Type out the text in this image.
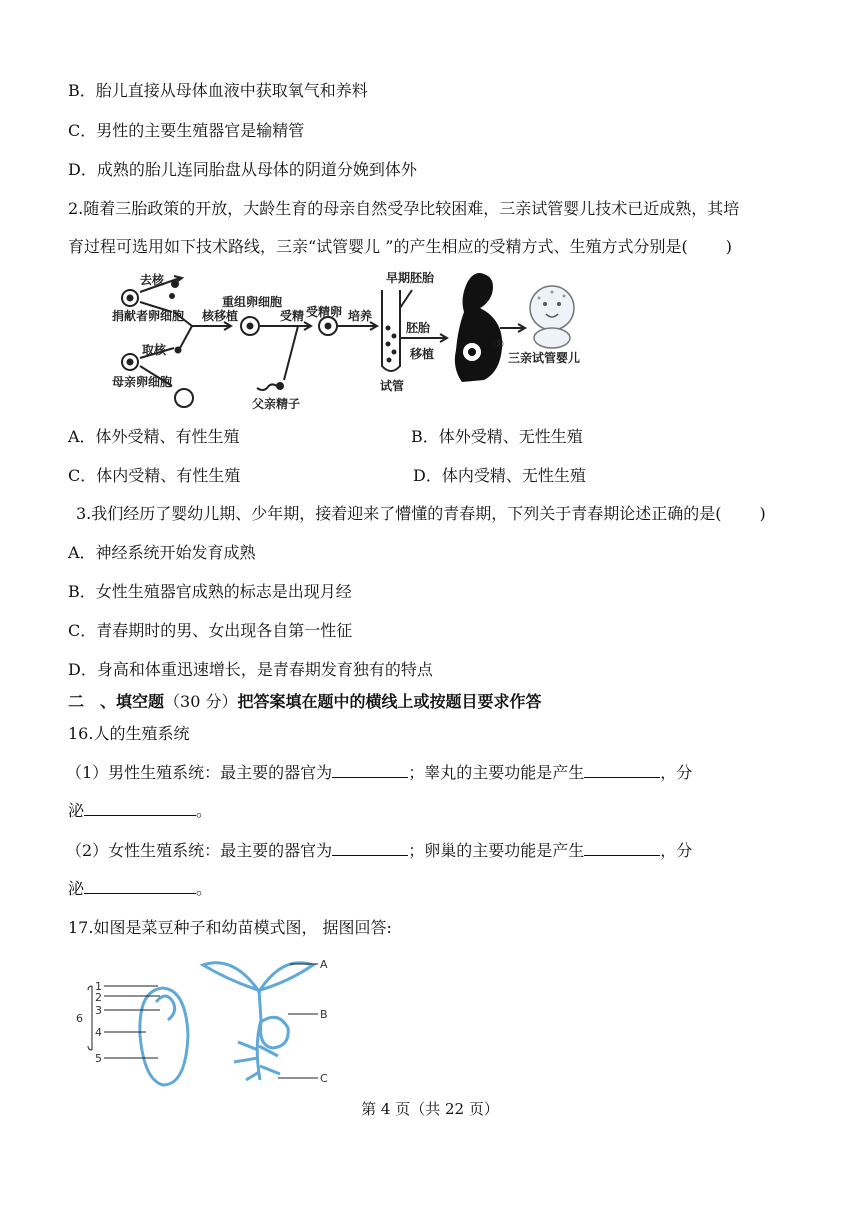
B．胎儿直接从母体血液中获取氧气和养料
C．男性的主要生殖器官是输精管
D．成熟的胎儿连同胎盘从母体的阴道分娩到体外
2.随着三胎政策的开放，大龄生育的母亲自然受孕比较困难，三亲试管婴儿技术已近成熟，其培
育过程可选用如下技术路线，三亲“试管婴儿 ”的产生相应的受精方式、生殖方式分别是( )
去核
捐献者卵细胞
取核
母亲卵细胞
重组卵细胞
核移植	受精
父亲精子
受精卵 培养
早期胚胎
胚胎
移植
试管
①
三亲试管婴儿
A．体外受精、有性生殖	B．体外受精、无性生殖
C．体内受精、有性生殖	D．体内受精、无性生殖
3.我们经历了婴幼儿期、少年期，接着迎来了懵懂的青春期，下列关于青春期论述正确的是( )
A．神经系统开始发育成熟
B．女性生殖器官成熟的标志是出现月经
C．青春期时的男、女出现各自第一性征
D．身高和体重迅速增长，是青春期发育独有的特点
二　、填空题（30 分）把答案填在题中的横线上或按题目要求作答
16.人的生殖系统
（1）男性生殖系统：最主要的器官为	；睾丸的主要功能是产生	，分
泌	。
（2）女性生殖系统：最主要的器官为	；卵巢的主要功能是产生	，分
泌	。
17.如图是菜豆种子和幼苗模式图， 据图回答:
1
2
3
4
5
6
A
B
C
第 4 页（共 22 页）
